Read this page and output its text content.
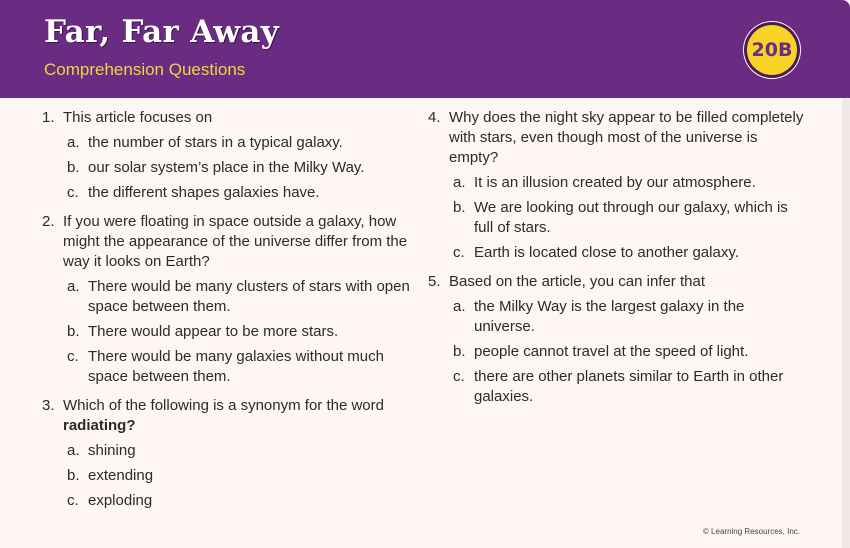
Far, Far Away
Comprehension Questions
20B
1. This article focuses on
a. the number of stars in a typical galaxy.
b. our solar system’s place in the Milky Way.
c. the different shapes galaxies have.
2. If you were floating in space outside a galaxy, how might the appearance of the universe differ from the way it looks on Earth?
a. There would be many clusters of stars with open space between them.
b. There would appear to be more stars.
c. There would be many galaxies without much space between them.
3. Which of the following is a synonym for the word radiating?
a. shining
b. extending
c. exploding
4. Why does the night sky appear to be filled completely with stars, even though most of the universe is empty?
a. It is an illusion created by our atmosphere.
b. We are looking out through our galaxy, which is full of stars.
c. Earth is located close to another galaxy.
5. Based on the article, you can infer that
a. the Milky Way is the largest galaxy in the universe.
b. people cannot travel at the speed of light.
c. there are other planets similar to Earth in other galaxies.
© Learning Resources, Inc.
